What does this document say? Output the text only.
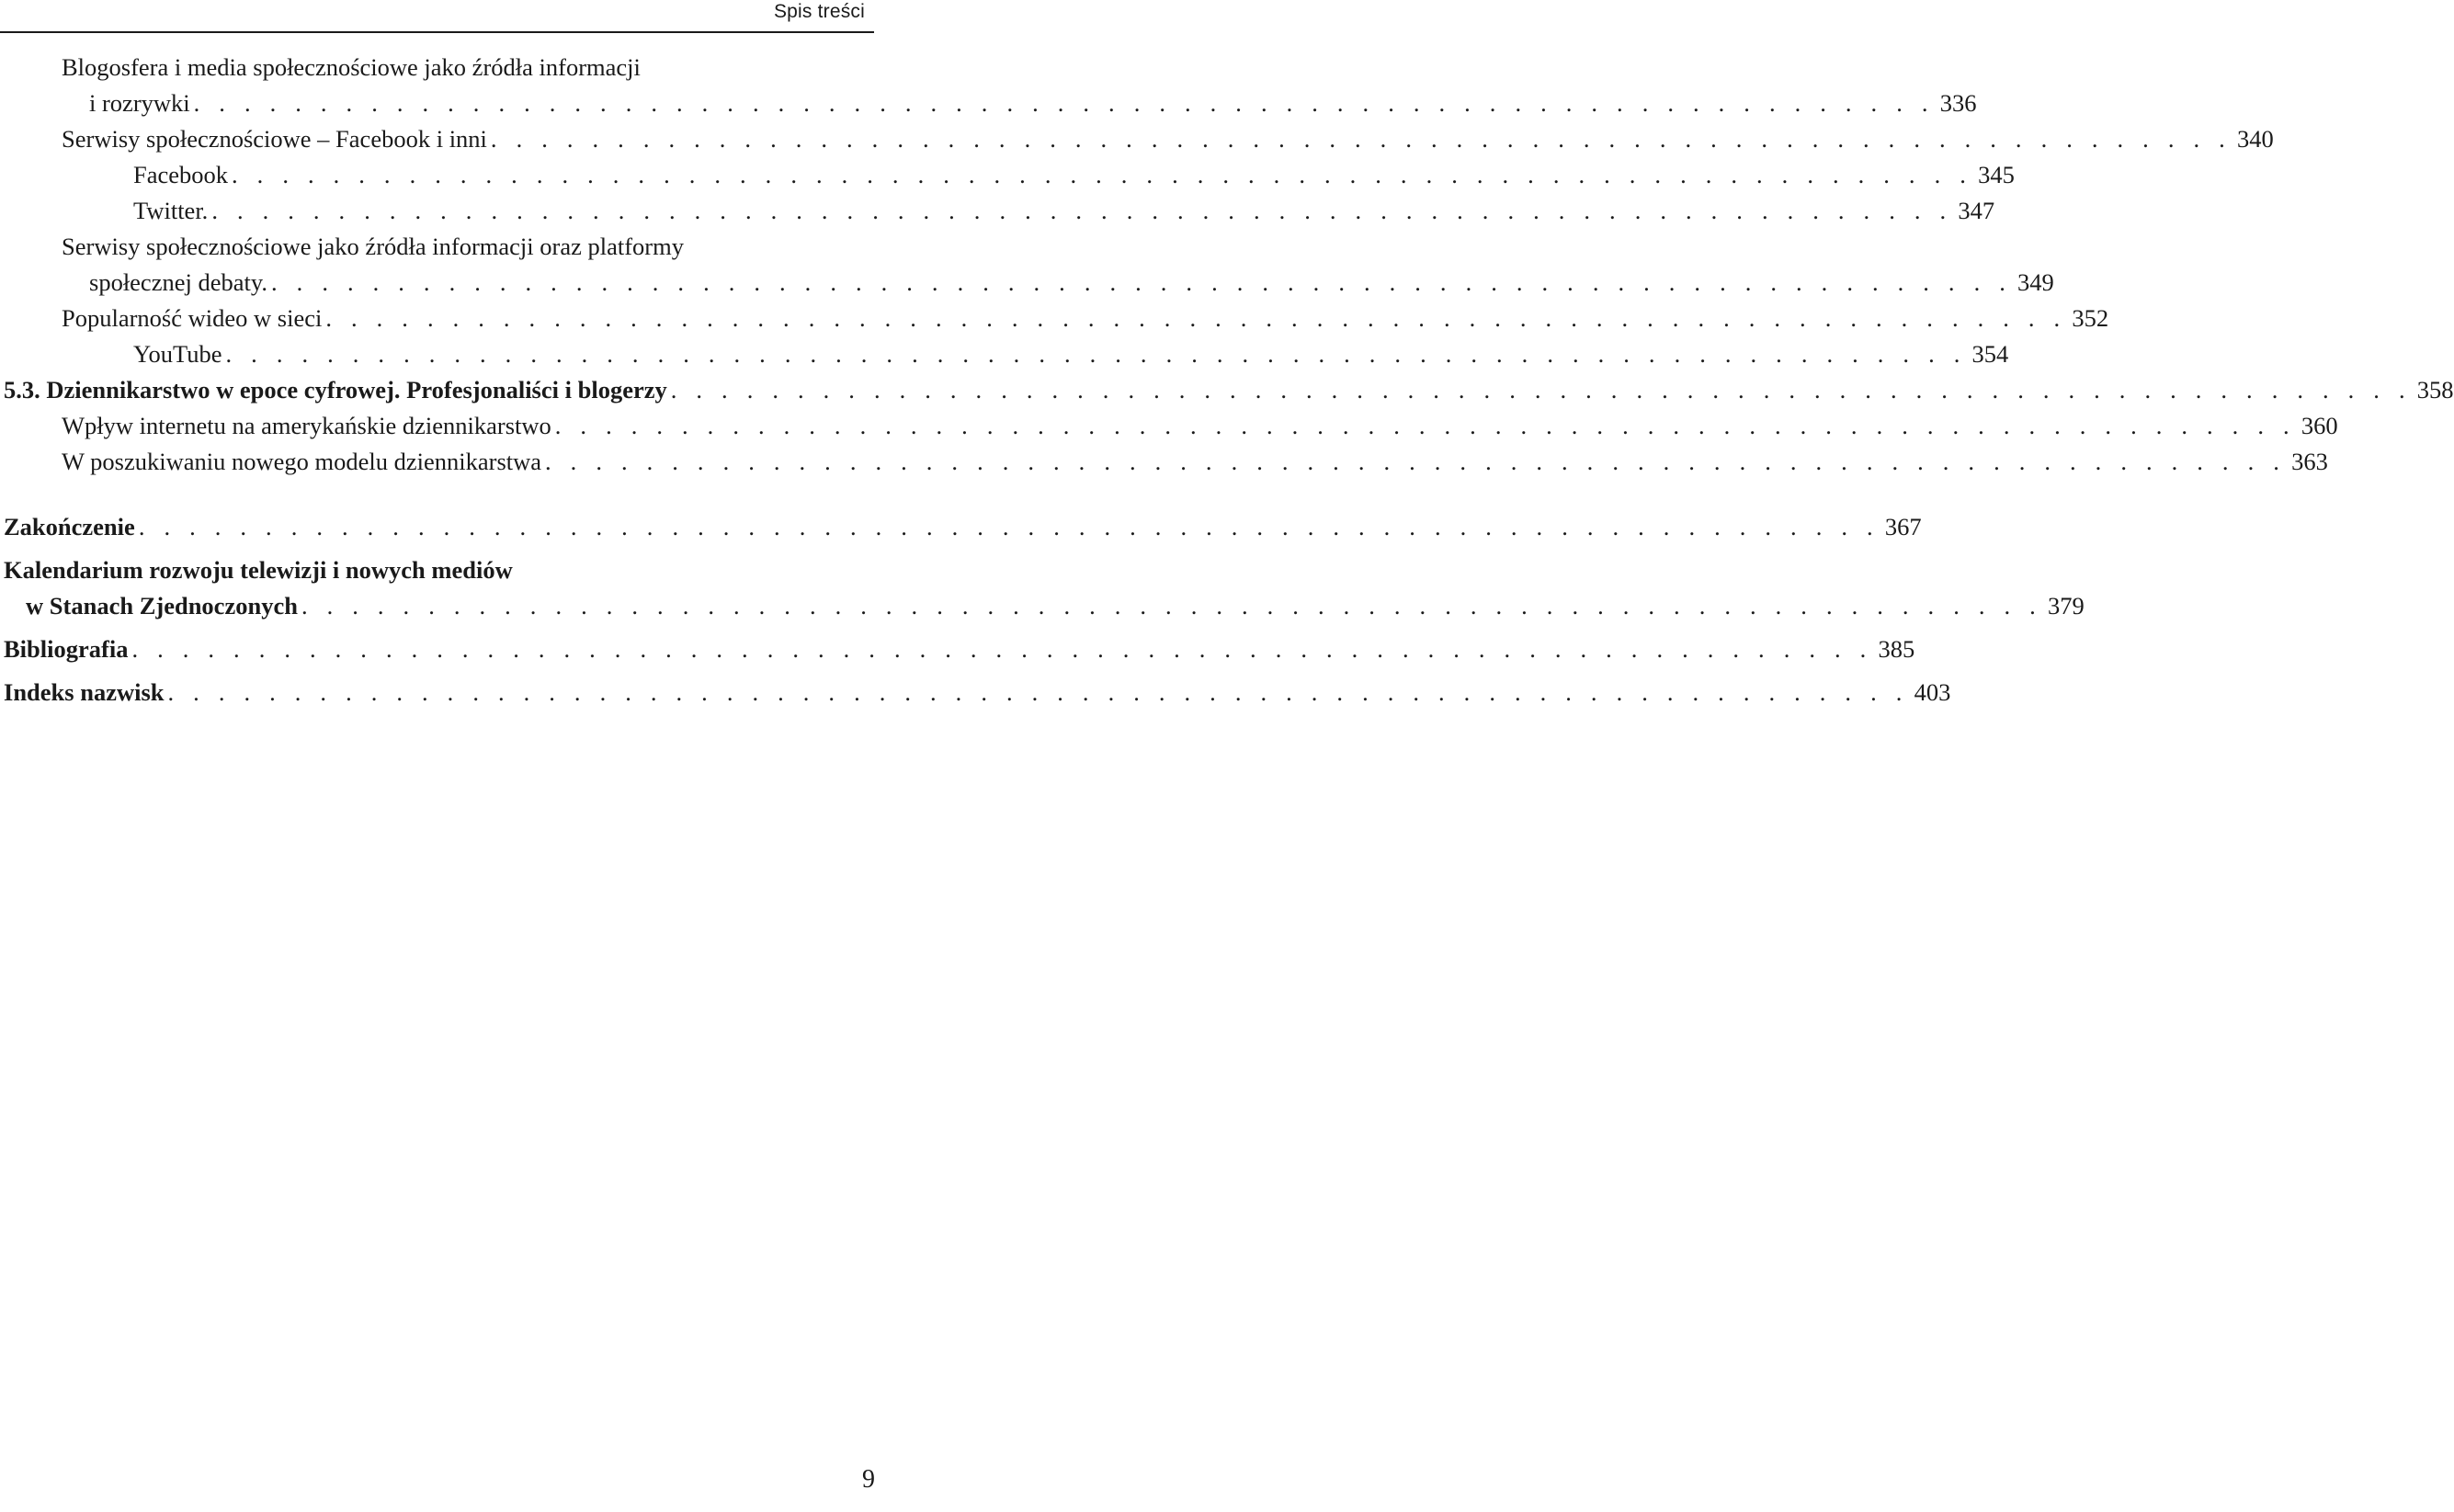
Spis treści
Blogosfera i media społecznościowe jako źródła informacji
i rozrywki . . . . . . . . . . . . . . . . . . . . . . . . . . . . . . . . . . . . . . . . . . . . . . . . . . . . . . . . . . . . . . . . . . . . . 336
Serwisy społecznościowe – Facebook i inni . . . . . . . . . . . . . . . . . . . . . . . . . . . . . . . . . . . . . . . . . . . . . . . . . . . . . . . . . . . . . . . . . . . . . 340
Facebook . . . . . . . . . . . . . . . . . . . . . . . . . . . . . . . . . . . . . . . . . . . . . . . . . . . . . . . . . . . . . . . . . . . . . 345
Twitter. . . . . . . . . . . . . . . . . . . . . . . . . . . . . . . . . . . . . . . . . . . . . . . . . . . . . . . . . . . . . . . . . . . . . . 347
Serwisy społecznościowe jako źródła informacji oraz platformy
społecznej debaty. . . . . . . . . . . . . . . . . . . . . . . . . . . . . . . . . . . . . . . . . . . . . . . . . . . . . . . . . . . . . . . . . . . . . . 349
Popularność wideo w sieci . . . . . . . . . . . . . . . . . . . . . . . . . . . . . . . . . . . . . . . . . . . . . . . . . . . . . . . . . . . . . . . . . . . . . 352
YouTube . . . . . . . . . . . . . . . . . . . . . . . . . . . . . . . . . . . . . . . . . . . . . . . . . . . . . . . . . . . . . . . . . . . . . 354
5.3. Dziennikarstwo w epoce cyfrowej. Profesjonaliści i blogerzy . . . . . . . . . . . . . . . . . . . . . . . . . . . . . . . . . . . . . . . . . . . . . . . . . . . . . . . . . . . . . . . . . . . . . 358
Wpływ internetu na amerykańskie dziennikarstwo . . . . . . . . . . . . . . . . . . . . . . . . . . . . . . . . . . . . . . . . . . . . . . . . . . . . . . . . . . . . . . . . . . . . . 360
W poszukiwaniu nowego modelu dziennikarstwa . . . . . . . . . . . . . . . . . . . . . . . . . . . . . . . . . . . . . . . . . . . . . . . . . . . . . . . . . . . . . . . . . . . . . 363
Zakończenie . . . . . . . . . . . . . . . . . . . . . . . . . . . . . . . . . . . . . . . . . . . . . . . . . . . . . . . . . . . . . . . . . . . . . 367
Kalendarium rozwoju telewizji i nowych mediów
w Stanach Zjednoczonych . . . . . . . . . . . . . . . . . . . . . . . . . . . . . . . . . . . . . . . . . . . . . . . . . . . . . . . . . . . . . . . . . . . . . 379
Bibliografia . . . . . . . . . . . . . . . . . . . . . . . . . . . . . . . . . . . . . . . . . . . . . . . . . . . . . . . . . . . . . . . . . . . . . 385
Indeks nazwisk . . . . . . . . . . . . . . . . . . . . . . . . . . . . . . . . . . . . . . . . . . . . . . . . . . . . . . . . . . . . . . . . . . . . . 403
9
